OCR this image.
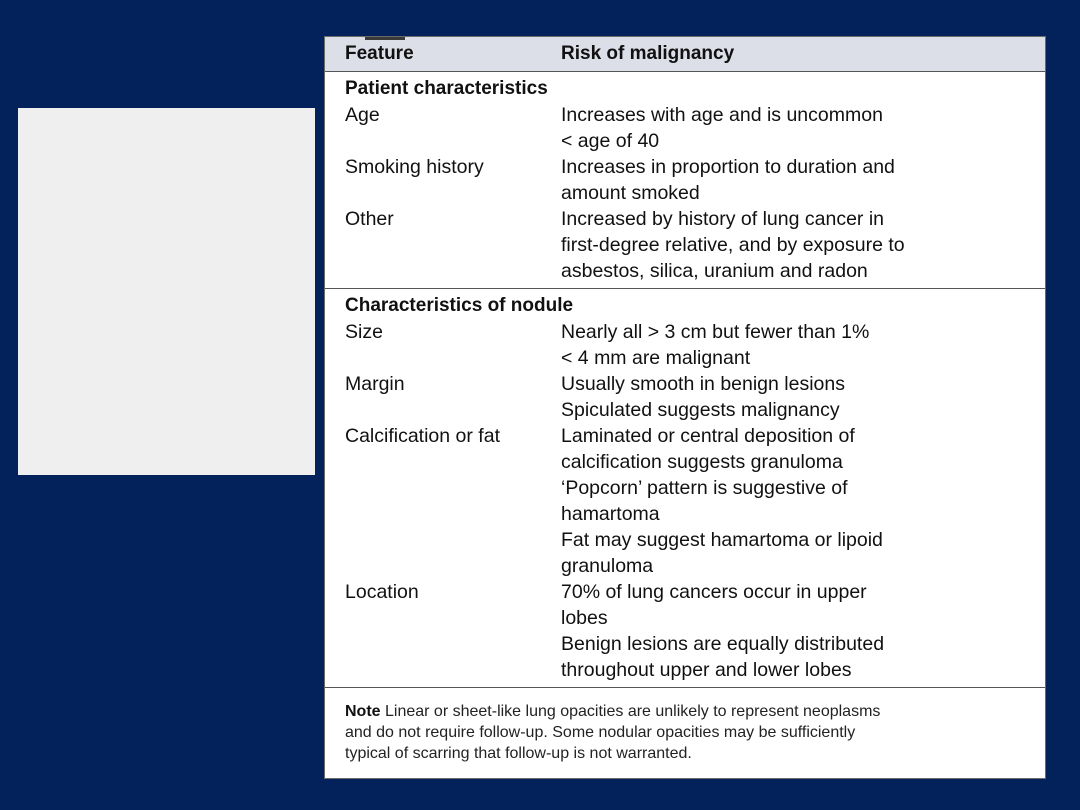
Feature	Risk of malignancy
Patient characteristics
Age	Increases with age and is uncommon
< age of 40
Smoking history	Increases in proportion to duration and
amount smoked
Other	Increased by history of lung cancer in
first-degree relative, and by exposure to
asbestos, silica, uranium and radon
Characteristics of nodule
Size	Nearly all > 3 cm but fewer than 1%
< 4 mm are malignant
Margin	Usually smooth in benign lesions
Spiculated suggests malignancy
Calcification or fat	Laminated or central deposition of
calcification suggests granuloma
‘Popcorn’ pattern is suggestive of
hamartoma
Fat may suggest hamartoma or lipoid
granuloma
Location	70% of lung cancers occur in upper
lobes
Benign lesions are equally distributed
throughout upper and lower lobes
Note Linear or sheet-like lung opacities are unlikely to represent neoplasms
and do not require follow-up. Some nodular opacities may be sufficiently
typical of scarring that follow-up is not warranted.
